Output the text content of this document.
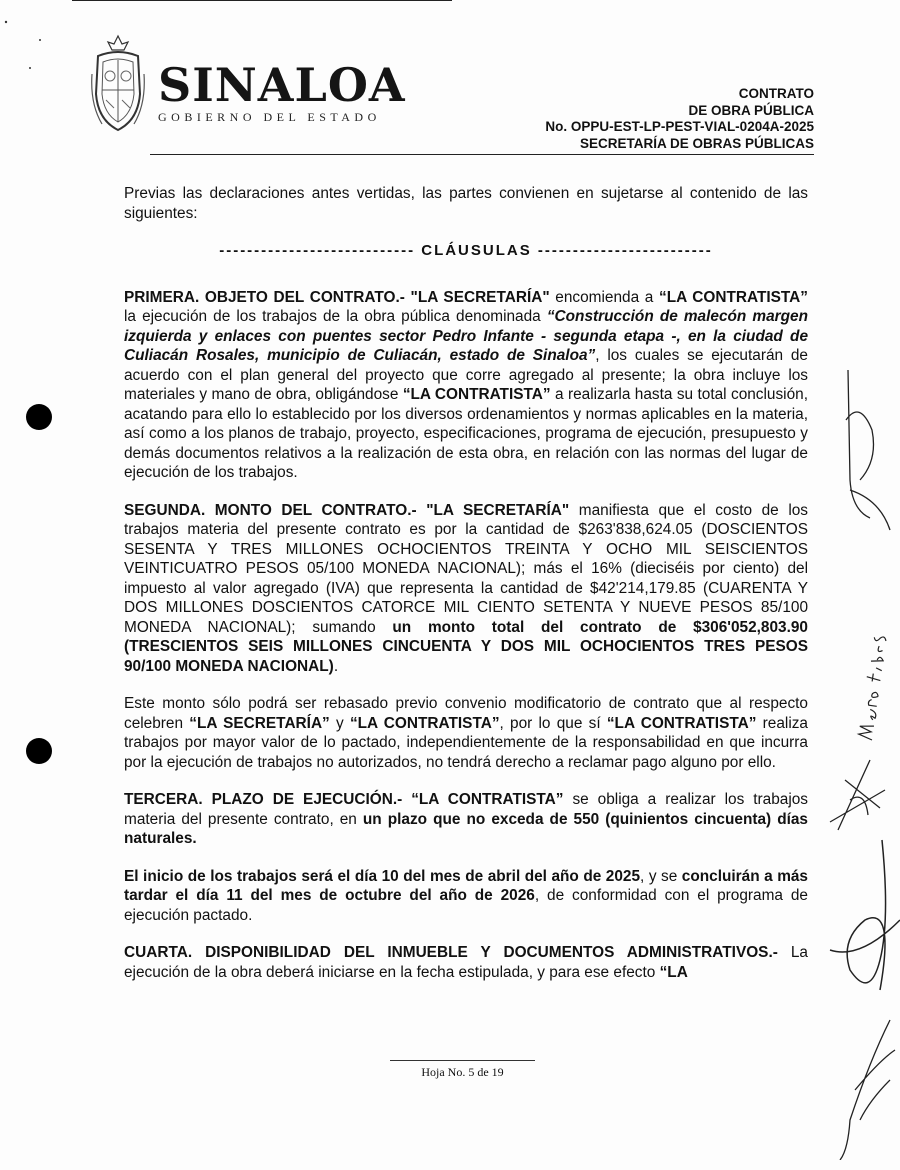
SINALOA
GOBIERNO DEL ESTADO
CONTRATO
DE OBRA PÚBLICA
No. OPPU-EST-LP-PEST-VIAL-0204A-2025
SECRETARÍA DE OBRAS PÚBLICAS

Previas las declaraciones antes vertidas, las partes convienen en sujetarse al contenido de las siguientes:

---------------------------- CLÁUSULAS -------------------------

PRIMERA. OBJETO DEL CONTRATO.- "LA SECRETARÍA" encomienda a “LA CONTRATISTA” la ejecución de los trabajos de la obra pública denominada “Construcción de malecón margen izquierda y enlaces con puentes sector Pedro Infante - segunda etapa -, en la ciudad de Culiacán Rosales, municipio de Culiacán, estado de Sinaloa”, los cuales se ejecutarán de acuerdo con el plan general del proyecto que corre agregado al presente; la obra incluye los materiales y mano de obra, obligándose “LA CONTRATISTA” a realizarla hasta su total conclusión, acatando para ello lo establecido por los diversos ordenamientos y normas aplicables en la materia, así como a los planos de trabajo, proyecto, especificaciones, programa de ejecución, presupuesto y demás documentos relativos a la realización de esta obra, en relación con las normas del lugar de ejecución de los trabajos.

SEGUNDA. MONTO DEL CONTRATO.- "LA SECRETARÍA" manifiesta que el costo de los trabajos materia del presente contrato es por la cantidad de $263'838,624.05 (DOSCIENTOS SESENTA Y TRES MILLONES OCHOCIENTOS TREINTA Y OCHO MIL SEISCIENTOS VEINTICUATRO PESOS 05/100 MONEDA NACIONAL); más el 16% (dieciséis por ciento) del impuesto al valor agregado (IVA) que representa la cantidad de $42'214,179.85 (CUARENTA Y DOS MILLONES DOSCIENTOS CATORCE MIL CIENTO SETENTA Y NUEVE PESOS 85/100 MONEDA NACIONAL); sumando un monto total del contrato de $306'052,803.90 (TRESCIENTOS SEIS MILLONES CINCUENTA Y DOS MIL OCHOCIENTOS TRES PESOS 90/100 MONEDA NACIONAL).

Este monto sólo podrá ser rebasado previo convenio modificatorio de contrato que al respecto celebren “LA SECRETARÍA” y “LA CONTRATISTA”, por lo que sí “LA CONTRATISTA” realiza trabajos por mayor valor de lo pactado, independientemente de la responsabilidad en que incurra por la ejecución de trabajos no autorizados, no tendrá derecho a reclamar pago alguno por ello.

TERCERA. PLAZO DE EJECUCIÓN.- “LA CONTRATISTA” se obliga a realizar los trabajos materia del presente contrato, en un plazo que no exceda de 550 (quinientos cincuenta) días naturales.

El inicio de los trabajos será el día 10 del mes de abril del año de 2025, y se concluirán a más tardar el día 11 del mes de octubre del año de 2026, de conformidad con el programa de ejecución pactado.

CUARTA. DISPONIBILIDAD DEL INMUEBLE Y DOCUMENTOS ADMINISTRATIVOS.- La ejecución de la obra deberá iniciarse en la fecha estipulada, y para ese efecto “LA

Hoja No. 5 de 19
